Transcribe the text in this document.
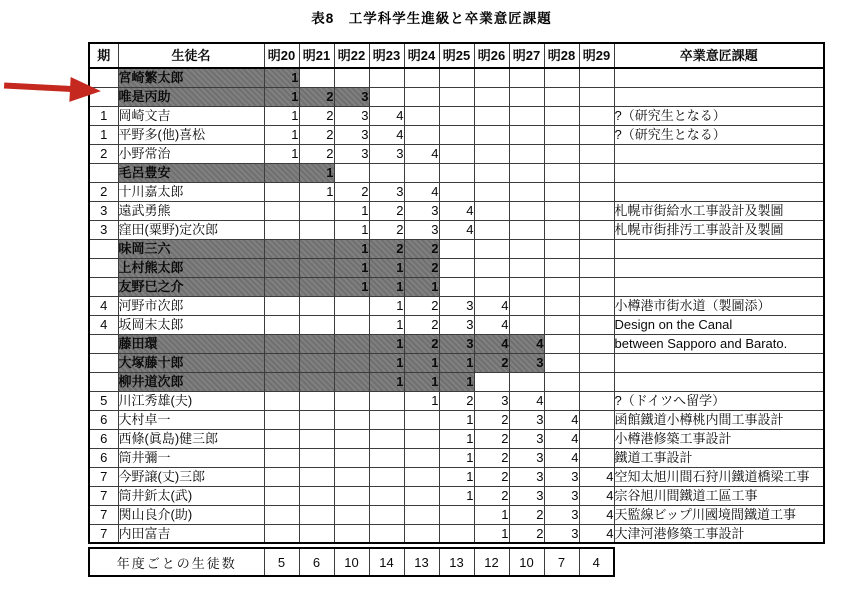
表8　工学科学生進級と卒業意匠課題
期	生徒名	明20	明21	明22	明23	明24	明25	明26	明27	明28	明29	卒業意匠課題
	宮崎繁太郎	1										
	唯是丙助	1	2	3								
1	岡崎文吉	1	2	3	4							?（研究生となる）
1	平野多(他)喜松	1	2	3	4							?（研究生となる）
2	小野常治	1	2	3	3	4						
	毛呂豊安		1									
2	十川嘉太郎		1	2	3	4						
3	遠武勇熊			1	2	3	4					札幌市街給水工事設計及製圖
3	窪田(粟野)定次郎			1	2	3	4					札幌市街排汚工事設計及製圖
	味岡三六			1	2	2						
	上村熊太郎			1	1	2						
	友野巳之介			1	1	1						
4	河野市次郎				1	2	3	4				小樽港市街水道（製圖添）
4	坂岡末太郎				1	2	3	4				Design on the Canal
	藤田環				1	2	3	4	4			between Sapporo and Barato.
	大塚藤十郎				1	1	1	2	3			
	柳井道次郎				1	1	1					
5	川江秀雄(夫)					1	2	3	4			?（ドイツへ留学）
6	大村卓一						1	2	3	4		函館鐵道小樽桃内間工事設計
6	西條(眞島)健三郎						1	2	3	4		小樽港修築工事設計
6	筒井彌一						1	2	3	4		鐵道工事設計
7	今野譲(丈)三郎						1	2	3	3	4	空知太旭川間石狩川鐵道橋梁工事
7	筒井釿太(武)						1	2	3	3	4	宗谷旭川間鐵道工區工事
7	関山良介(助)							1	2	3	4	天監線ビップ川國境間鐵道工事
7	内田富吉							1	2	3	4	大津河港修築工事設計
年度ごとの生徒数	5	6	10	14	13	13	12	10	7	4
